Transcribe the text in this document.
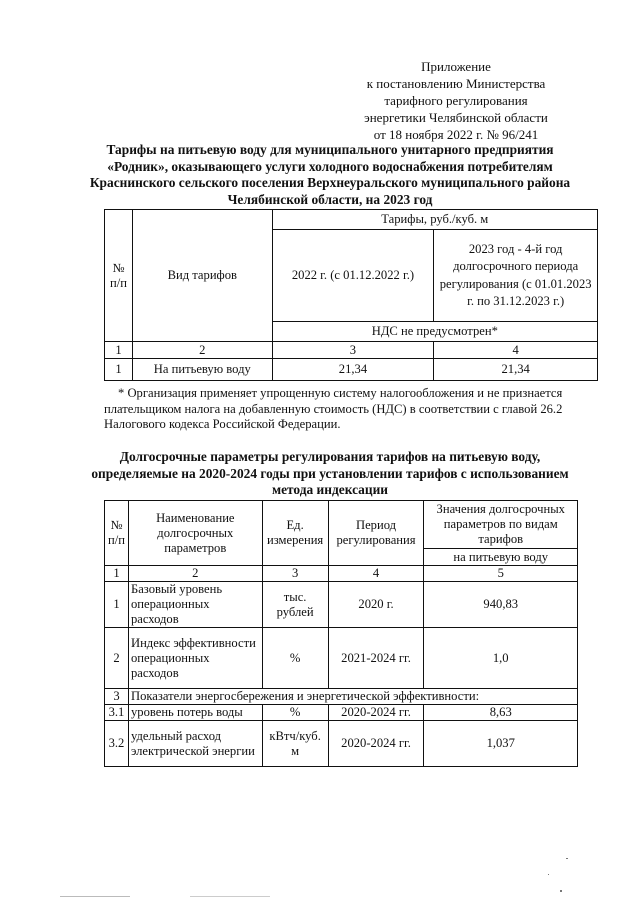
Приложение
к постановлению Министерства
тарифного регулирования
энергетики Челябинской области
от 18 ноября 2022 г. № 96/241
Тарифы на питьевую воду для муниципального унитарного предприятия
«Родник», оказывающего услуги холодного водоснабжения потребителям
Краснинского сельского поселения Верхнеуральского муниципального района
Челябинской области, на 2023 год
№ п/п	Вид тарифов	Тарифы, руб./куб. м	
		2022 г. (с 01.12.2022 г.)	2023 год - 4-й год долгосрочного периода регулирования (с 01.01.2023 г. по 31.12.2023 г.)
		НДС не предусмотрен*	
1	2	3	4
1	На питьевую воду	21,34	21,34
* Организация применяет упрощенную систему налогообложения и не признается
плательщиком налога на добавленную стоимость (НДС) в соответствии с главой 26.2
Налогового кодекса Российской Федерации.
Долгосрочные параметры регулирования тарифов на питьевую воду,
определяемые на 2020-2024 годы при установлении тарифов с использованием
метода индексации
№ п/п	Наименование долгосрочных параметров	Ед. измерения	Период регулирования	Значения долгосрочных параметров по видам тарифов
				на питьевую воду
1	2	3	4	5
1	Базовый уровень операционных расходов	тыс. рублей	2020 г.	940,83
2	Индекс эффективности операционных расходов	%	2021-2024 гг.	1,0
3	Показатели энергосбережения и энергетической эффективности:			
3.1	уровень потерь воды	%	2020-2024 гг.	8,63
3.2	удельный расход электрической энергии	кВтч/куб. м	2020-2024 гг.	1,037
